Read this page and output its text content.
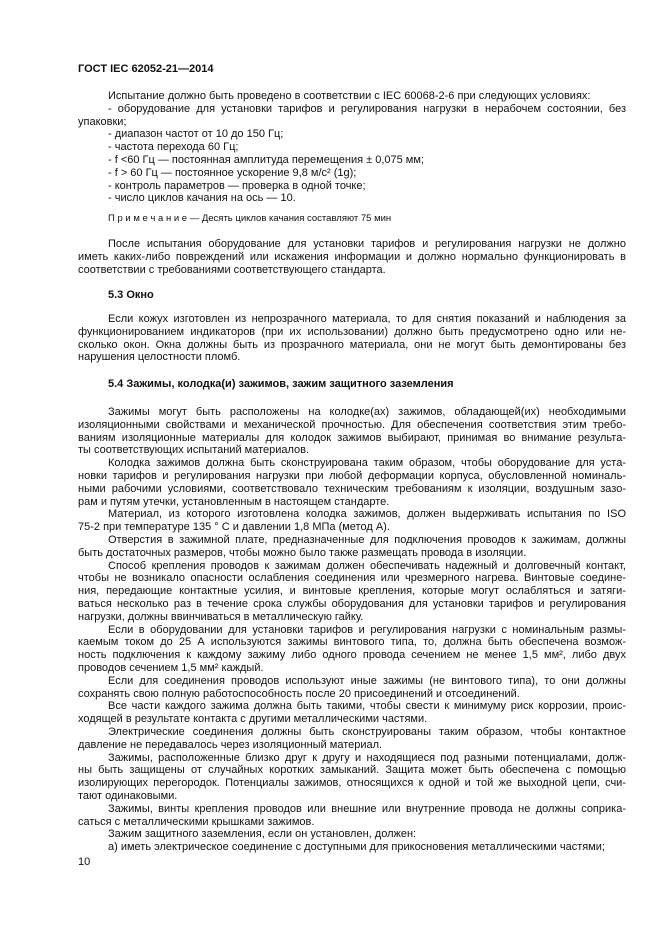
ГОСТ IEC 62052-21—2014
Испытание должно быть проведено в соответствии с IEC 60068-2-6 при следующих условиях:
- оборудование для установки тарифов и регулирования нагрузки в нерабочем состоянии, без
упаковки;
- диапазон частот от 10 до 150 Гц;
- частота перехода 60 Гц;
- f <60 Гц — постоянная амплитуда перемещения ± 0,075 мм;
- f > 60 Гц — постоянное ускорение 9,8 м/с² (1g);
- контроль параметров — проверка в одной точке;
- число циклов качания на ось — 10.
П р и м е ч а н и е — Десять циклов качания составляют 75 мин
После испытания оборудование для установки тарифов и регулирования нагрузки не должно
иметь каких-либо повреждений или искажения информации и должно нормально функционировать в
соответствии с требованиями соответствующего стандарта.
5.3 Окно
Если кожух изготовлен из непрозрачного материала, то для снятия показаний и наблюдения за
функционированием индикаторов (при их использовании) должно быть предусмотрено одно или не-
сколько окон. Окна должны быть из прозрачного материала, они не могут быть демонтированы без
нарушения целостности пломб.
5.4 Зажимы, колодка(и) зажимов, зажим защитного заземления
Зажимы могут быть расположены на колодке(ах) зажимов, обладающей(их) необходимыми
изоляционными свойствами и механической прочностью. Для обеспечения соответствия этим требо-
ваниям изоляционные материалы для колодок зажимов выбирают, принимая во внимание результа-
ты соответствующих испытаний материалов.
Колодка зажимов должна быть сконструирована таким образом, чтобы оборудование для уста-
новки тарифов и регулирования нагрузки при любой деформации корпуса, обусловленной номиналь-
ными рабочими условиями, соответствовало техническим требованиям к изоляции, воздушным зазо-
рам и путям утечки, установленным в настоящем стандарте.
Материал, из которого изготовлена колодка зажимов, должен выдерживать испытания по ISO
75-2 при температуре 135 ° С и давлении 1,8 МПа (метод А).
Отверстия в зажимной плате, предназначенные для подключения проводов к зажимам, должны
быть достаточных размеров, чтобы можно было также размещать провода в изоляции.
Способ крепления проводов к зажимам должен обеспечивать надежный и долговечный контакт,
чтобы не возникало опасности ослабления соединения или чрезмерного нагрева. Винтовые соедине-
ния, передающие контактные усилия, и винтовые крепления, которые могут ослабляться и затяги-
ваться несколько раз в течение срока службы оборудования для установки тарифов и регулирования
нагрузки, должны ввинчиваться в металлическую гайку.
Если в оборудовании для установки тарифов и регулирования нагрузки с номинальным размы-
каемым током до 25 А используются зажимы винтового типа, то, должна быть обеспечена возмож-
ность подключения к каждому зажиму либо одного провода сечением не менее 1,5 мм², либо двух
проводов сечением 1,5 мм² каждый.
Если для соединения проводов используют иные зажимы (не винтового типа), то они должны
сохранять свою полную работоспособность после 20 присоединений и отсоединений.
Все части каждого зажима должна быть такими, чтобы свести к минимуму риск коррозии, проис-
ходящей в результате контакта с другими металлическими частями.
Электрические соединения должны быть сконструированы таким образом, чтобы контактное
давление не передавалось через изоляционный материал.
Зажимы, расположенные близко друг к другу и находящиеся под разными потенциалами, долж-
ны быть защищены от случайных коротких замыканий. Защита может быть обеспечена с помощью
изолирующих перегородок. Потенциалы зажимов, относящихся к одной и той же выходной цепи, счи-
тают одинаковыми.
Зажимы, винты крепления проводов или внешние или внутренние провода не должны соприка-
саться с металлическими крышками зажимов.
Зажим защитного заземления, если он установлен, должен:
а) иметь электрическое соединение с доступными для прикосновения металлическими частями;
10
